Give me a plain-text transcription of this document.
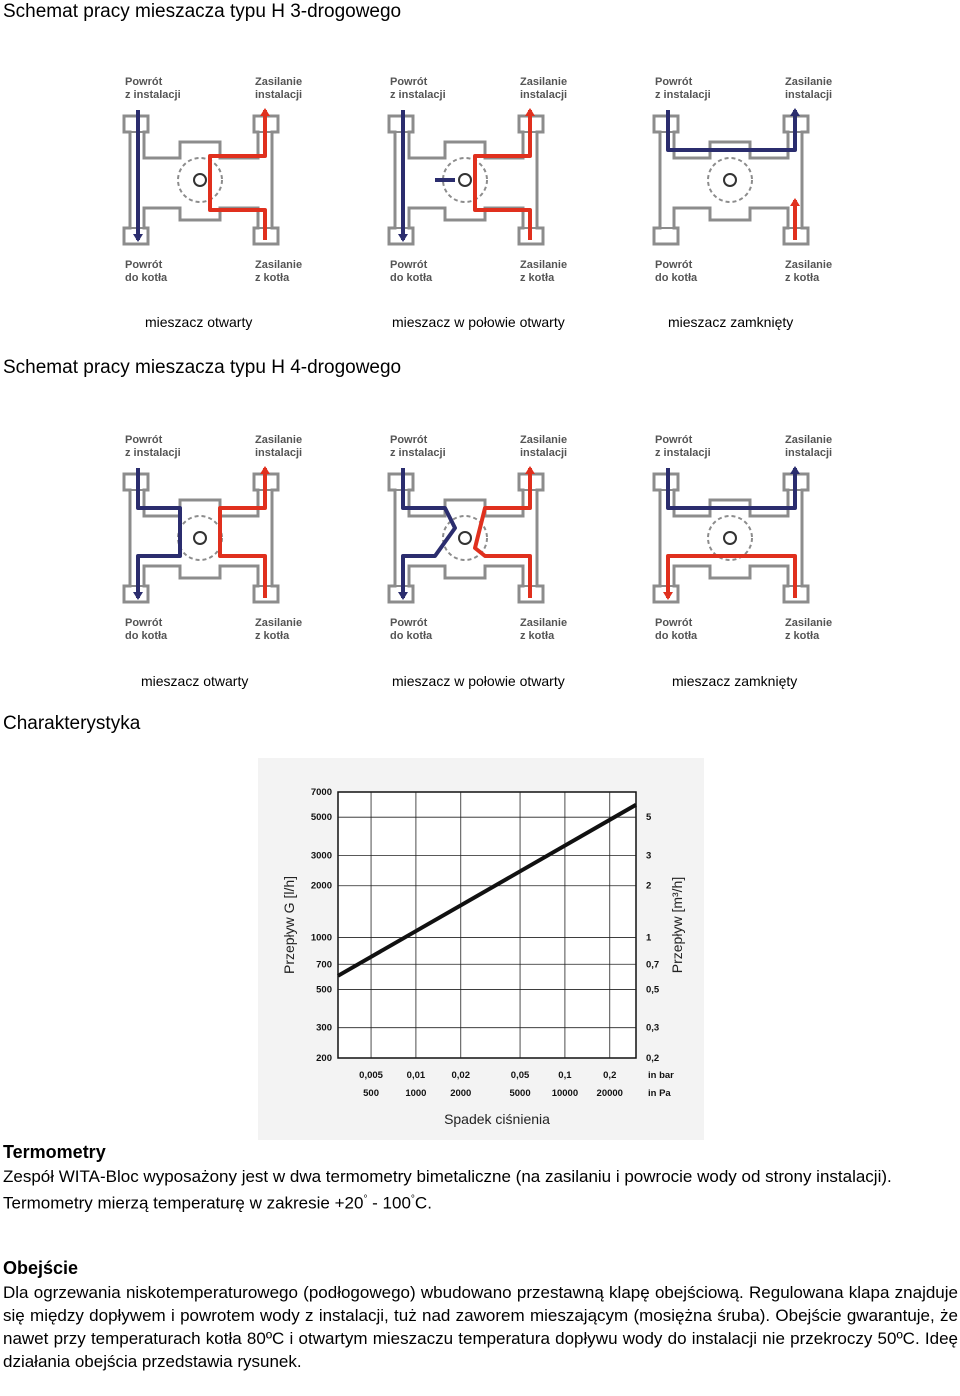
Schemat pracy mieszacza typu H 3-drogowego
Powrót
z instalacji
Zasilanie
instalacji
Powrót
do kotła
Zasilanie
z kotła
Powrót
z instalacji
Zasilanie
instalacji
Powrót
do kotła
Zasilanie
z kotła
Powrót
z instalacji
Zasilanie
instalacji
Powrót
do kotła
Zasilanie
z kotła
mieszacz otwarty	mieszacz w połowie otwarty	mieszacz zamknięty
Schemat pracy mieszacza typu H 4-drogowego
Powrót
z instalacji
Zasilanie
instalacji
Powrót
do kotła
Zasilanie
z kotła
Powrót
z instalacji
Zasilanie
instalacji
Powrót
do kotła
Zasilanie
z kotła
Powrót
z instalacji
Zasilanie
instalacji
Powrót
do kotła
Zasilanie
z kotła
mieszacz otwarty	mieszacz w połowie otwarty	mieszacz zamknięty
Charakterystyka
7000
5000
3000
2000
1000
700
500
300
200
5
3
2
1
0,7
0,5
0,3
0,2
0,005
500
0,01
1000
0,02
2000
0,05
5000
0,1
10000
0,2
20000
in bar
in Pa
Przepływ G [l/h]	Przepływ [m³/h]
Spadek ciśnienia
Termometry
Zespół WITA-Bloc wyposażony jest w dwa termometry bimetaliczne (na zasilaniu i powrocie wody od strony instalacji). Termometry mierzą temperaturę w zakresie +20° - 100°C.
Obejście
Dla ogrzewania niskotemperaturowego (podłogowego) wbudowano przestawną klapę obejściową. Regulowana klapa znajduje się między dopływem i powrotem wody z instalacji, tuż nad zaworem mieszającym (mosiężna śruba). Obejście gwarantuje, że nawet przy temperaturach kotła 80ºC i otwartym mieszaczu temperatura dopływu wody do instalacji nie przekroczy 50ºC. Ideę działania obejścia przedstawia rysunek.
